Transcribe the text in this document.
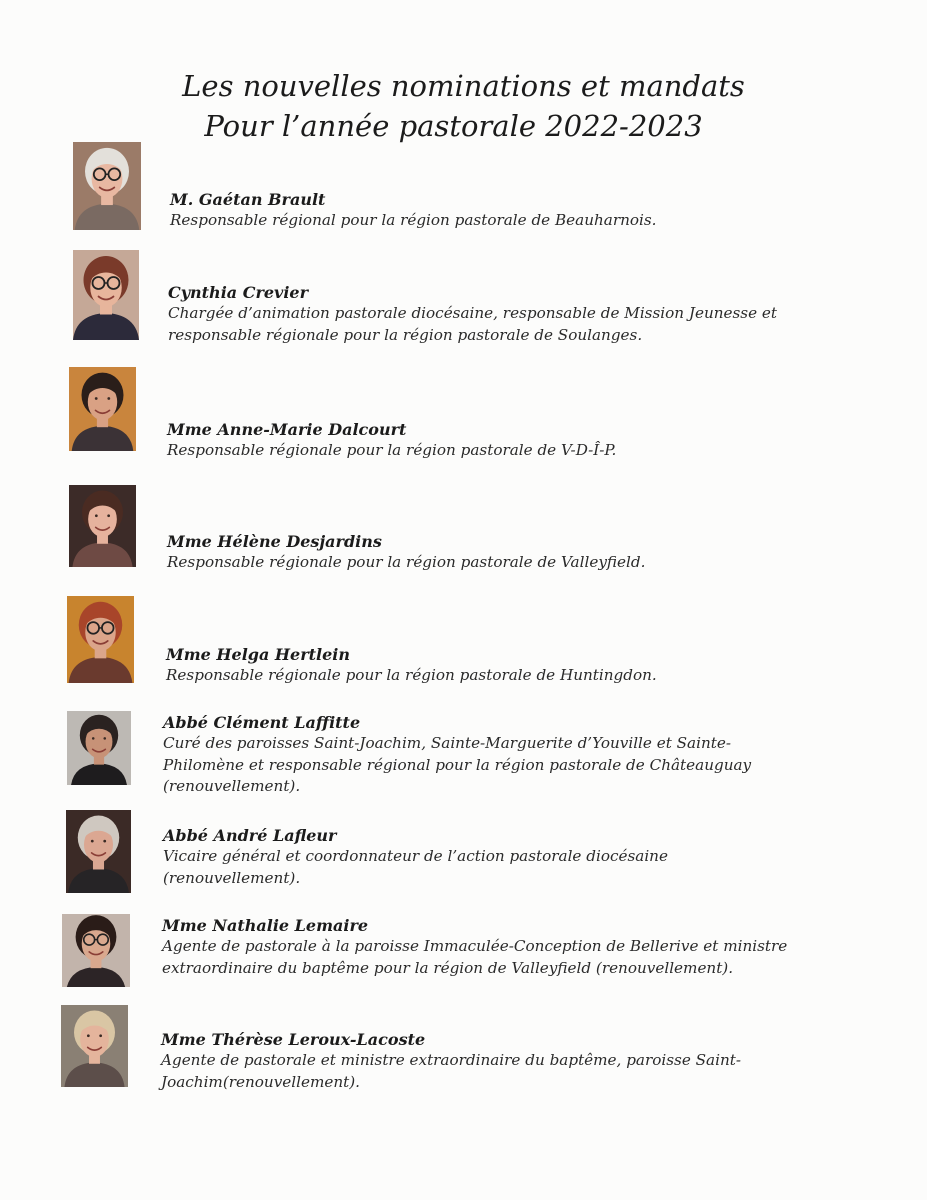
Les nouvelles nominations et mandats
Pour l’année pastorale 2022-2023
M. Gaétan Brault
Responsable régional pour la région pastorale de Beauharnois.
Cynthia Crevier
Chargée d’animation pastorale diocésaine, responsable de Mission Jeunesse et
responsable régionale pour la région pastorale de Soulanges.
Mme Anne-Marie Dalcourt
Responsable régionale pour la région pastorale de V-D-Î-P.
Mme Hélène Desjardins
Responsable régionale pour la région pastorale de Valleyfield.
Mme Helga Hertlein
Responsable régionale pour la région pastorale de Huntingdon.
Abbé Clément Laffitte
Curé des paroisses Saint-Joachim, Sainte-Marguerite d’Youville et Sainte-
Philomène et responsable régional pour la région pastorale de Châteauguay
(renouvellement).
Abbé André Lafleur
Vicaire général et coordonnateur de l’action pastorale diocésaine
(renouvellement).
Mme Nathalie Lemaire
Agente de pastorale à la paroisse Immaculée-Conception de Bellerive et ministre
extraordinaire du baptême pour la région de Valleyfield (renouvellement).
Mme Thérèse Leroux-Lacoste
Agente de pastorale et ministre extraordinaire du baptême, paroisse Saint-
Joachim(renouvellement).
